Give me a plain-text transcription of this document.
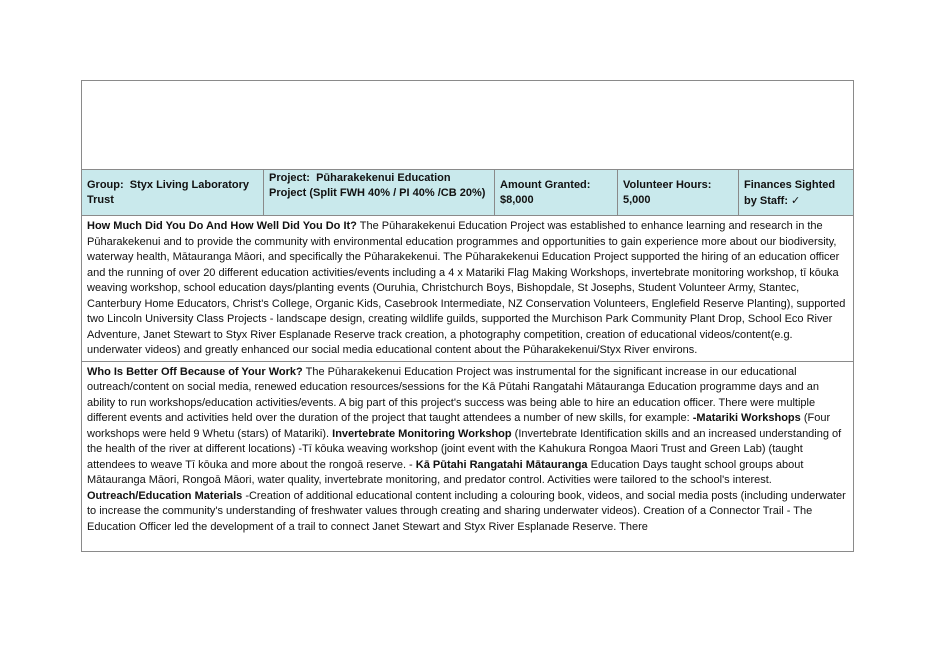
Group: Styx Living Laboratory Trust
Project: Pūharakekenui Education Project (Split FWH 40% / PI 40% /CB 20%)
Amount Granted:
$8,000
Volunteer Hours:
5,000
Finances Sighted by Staff: ✓
How Much Did You Do And How Well Did You Do It? The Pūharakekenui Education Project was established to enhance learning and research in the Pūharakekenui and to provide the community with environmental education programmes and opportunities to gain experience more about our biodiversity, waterway health, Mātauranga Māori, and specifically the Pūharakekenui. The Pūharakekenui Education Project supported the hiring of an education officer and the running of over 20 different education activities/events including a 4 x Matariki Flag Making Workshops, invertebrate monitoring workshop, tī kōuka weaving workshop, school education days/planting events (Ouruhia, Christchurch Boys, Bishopdale, St Josephs, Student Volunteer Army, Stantec, Canterbury Home Educators, Christ's College, Organic Kids, Casebrook Intermediate, NZ Conservation Volunteers, Englefield Reserve Planting), supported two Lincoln University Class Projects - landscape design, creating wildlife guilds, supported the Murchison Park Community Plant Drop, School Eco River Adventure, Janet Stewart to Styx River Esplanade Reserve track creation, a photography competition, creation of educational videos/content(e.g. underwater videos) and greatly enhanced our social media educational content about the Pūharakekenui/Styx River environs.
Who Is Better Off Because of Your Work? The Pūharakekenui Education Project was instrumental for the significant increase in our educational outreach/content on social media, renewed education resources/sessions for the Kā Pūtahi Rangatahi Mātauranga Education programme days and an ability to run workshops/education activities/events. A big part of this project's success was being able to hire an education officer. There were multiple different events and activities held over the duration of the project that taught attendees a number of new skills, for example: -Matariki Workshops (Four workshops were held 9 Whetu (stars) of Matariki). Invertebrate Monitoring Workshop (Invertebrate Identification skills and an increased understanding of the health of the river at different locations) -Tī kōuka weaving workshop (joint event with the Kahukura Rongoa Maori Trust and Green Lab) (taught attendees to weave Tī kōuka and more about the rongoā reserve. - Kā Pūtahi Rangatahi Mātauranga Education Days taught school groups about Mātauranga Māori, Rongoā Māori, water quality, invertebrate monitoring, and predator control. Activities were tailored to the school's interest. Outreach/Education Materials -Creation of additional educational content including a colouring book, videos, and social media posts (including underwater to increase the community's understanding of freshwater values through creating and sharing underwater videos). Creation of a Connector Trail - The Education Officer led the development of a trail to connect Janet Stewart and Styx River Esplanade Reserve. There
